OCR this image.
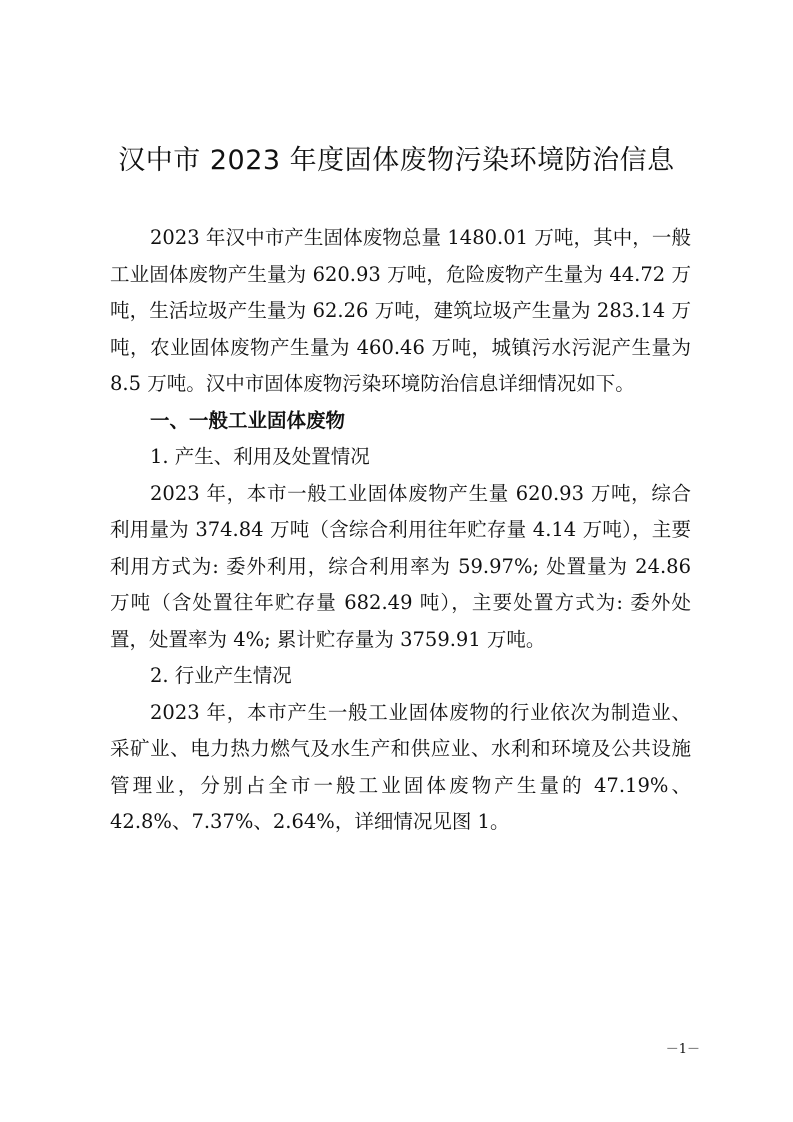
汉中市 2023 年度固体废物污染环境防治信息

2023 年汉中市产生固体废物总量 1480.01 万吨，其中，一般工业固体废物产生量为 620.93 万吨，危险废物产生量为 44.72 万吨，生活垃圾产生量为 62.26 万吨，建筑垃圾产生量为 283.14 万吨，农业固体废物产生量为 460.46 万吨，城镇污水污泥产生量为 8.5 万吨。汉中市固体废物污染环境防治信息详细情况如下。

一、一般工业固体废物

1. 产生、利用及处置情况

2023 年，本市一般工业固体废物产生量 620.93 万吨，综合利用量为 374.84 万吨（含综合利用往年贮存量 4.14 万吨），主要利用方式为: 委外利用，综合利用率为 59.97%; 处置量为 24.86 万吨（含处置往年贮存量 682.49 吨），主要处置方式为: 委外处置，处置率为 4%; 累计贮存量为 3759.91 万吨。

2. 行业产生情况

2023 年，本市产生一般工业固体废物的行业依次为制造业、采矿业、电力热力燃气及水生产和供应业、水利和环境及公共设施管理业，分别占全市一般工业固体废物产生量的 47.19%、42.8%、7.37%、2.64%，详细情况见图 1。

－1－
